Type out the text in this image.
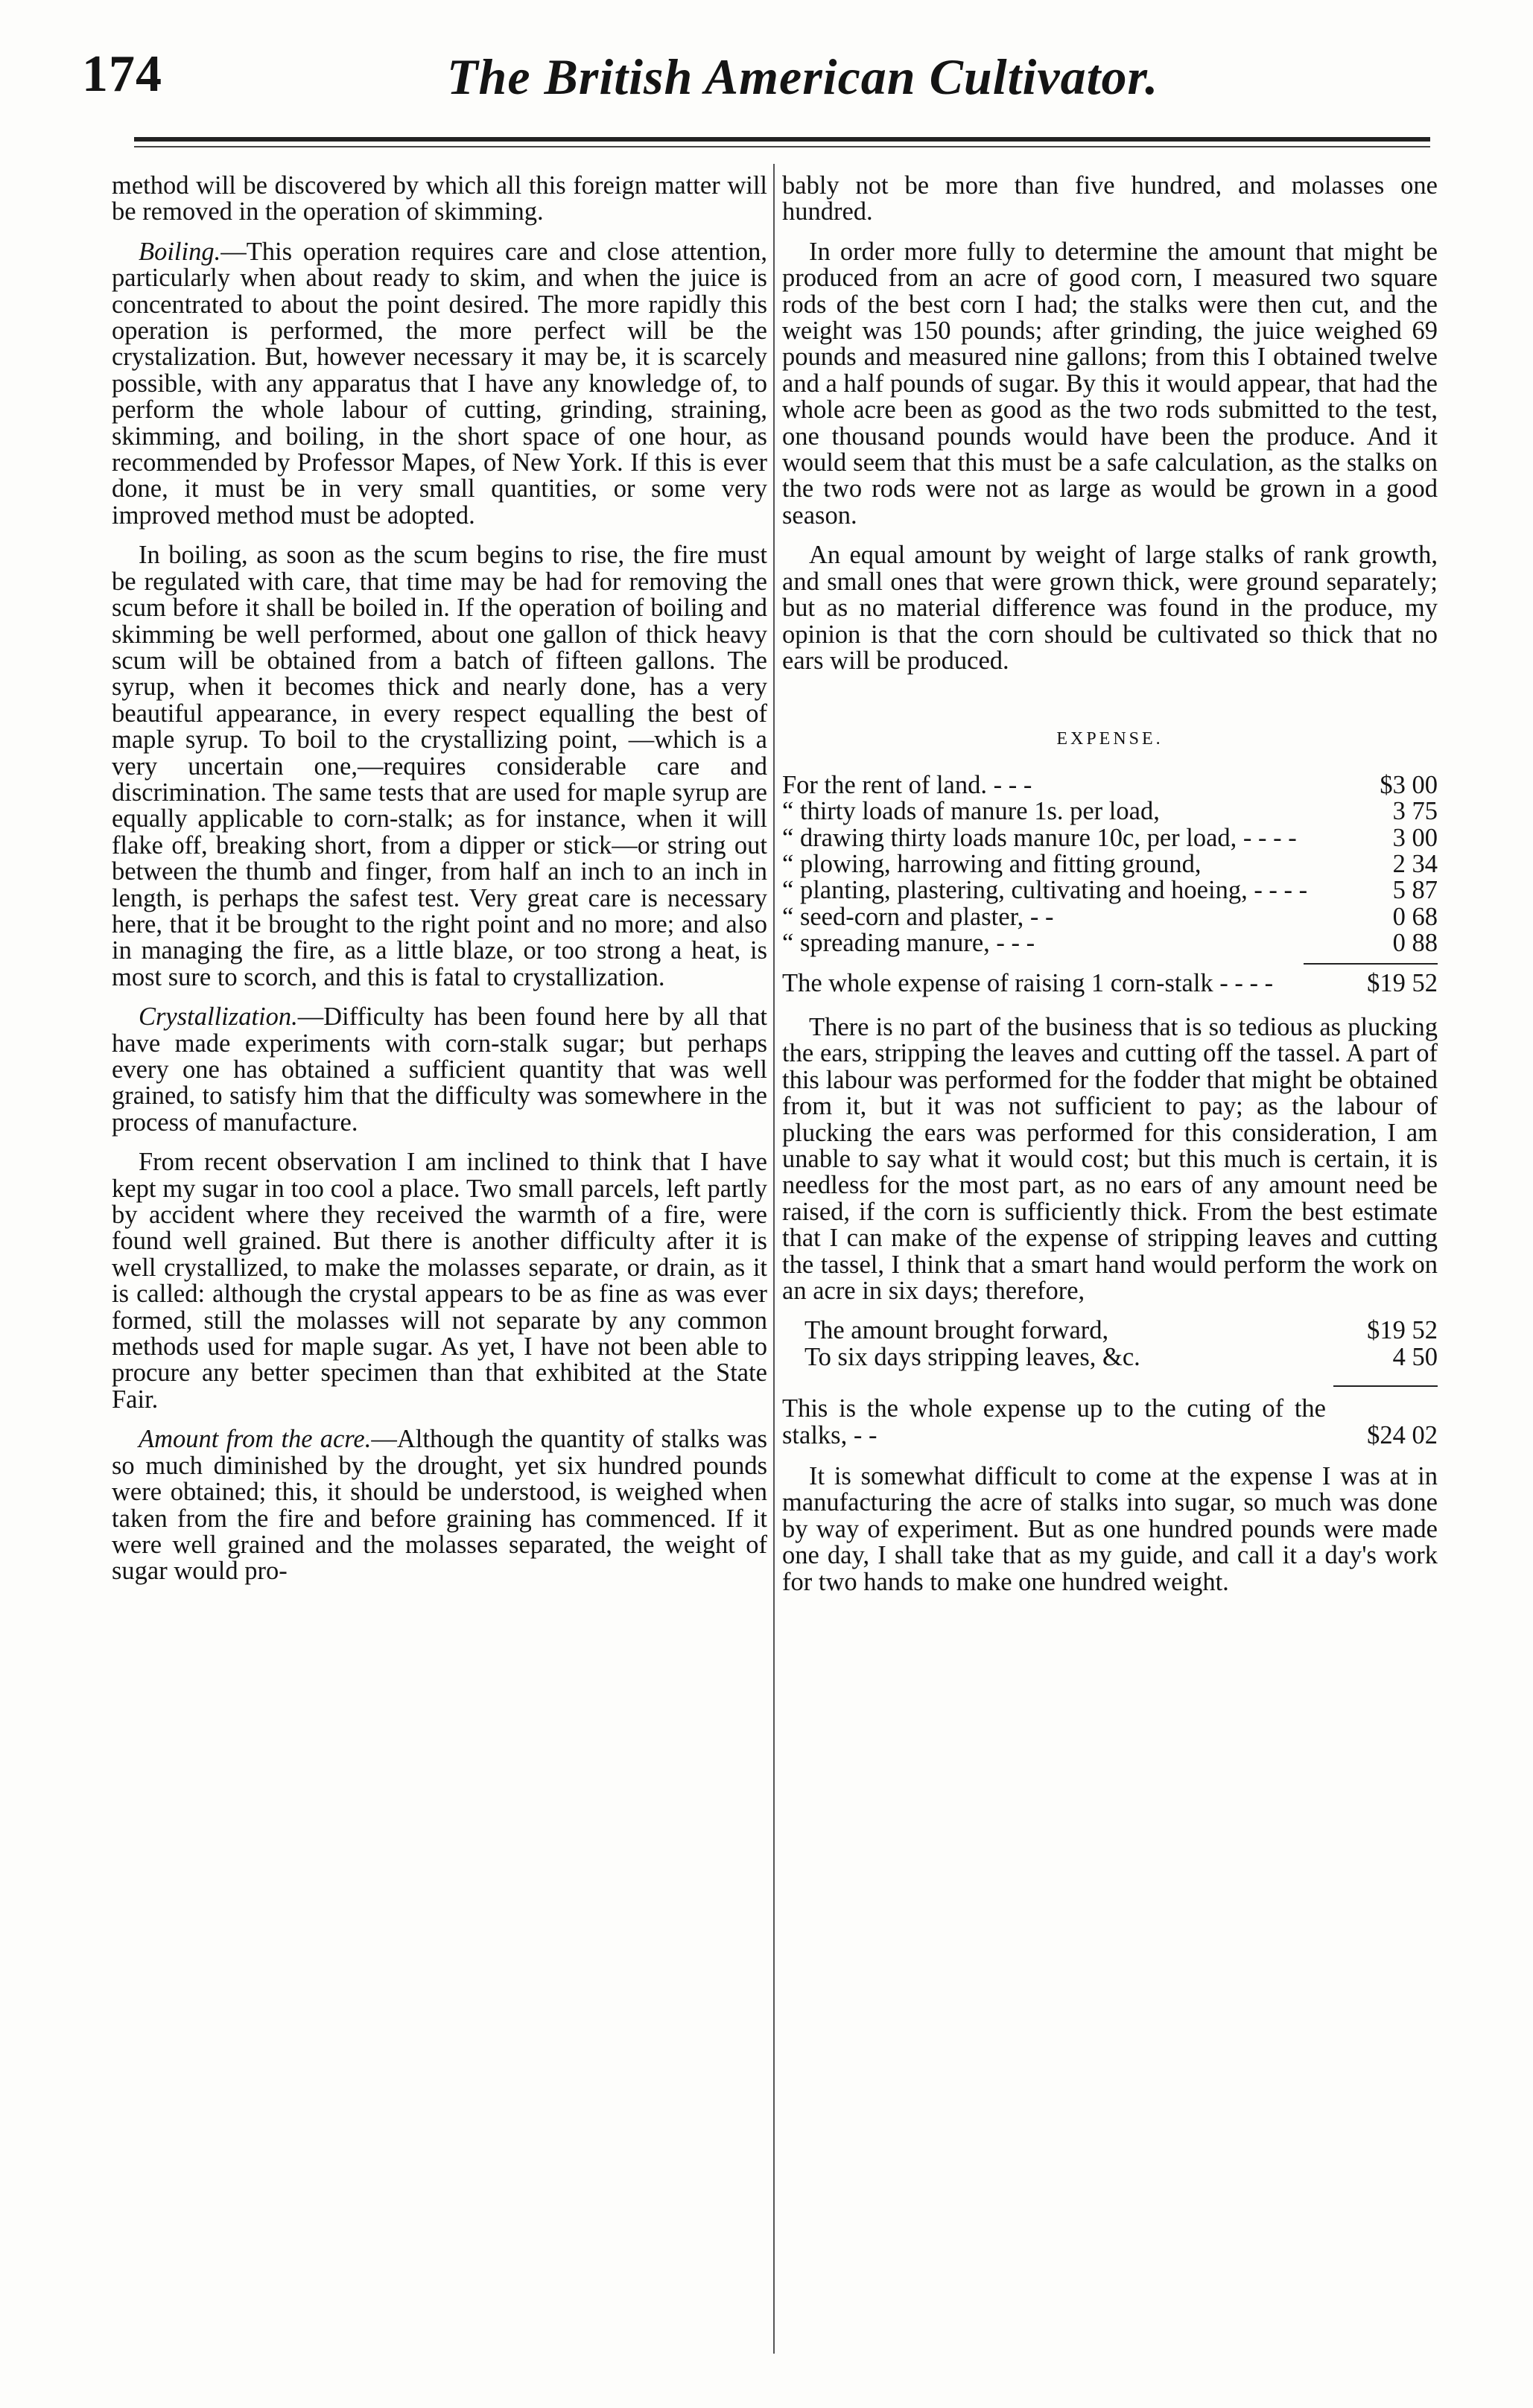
174	The British American Cultivator.

method will be discovered by which all this foreign matter will be removed in the operation of skimming.

Boiling.—This operation requires care and close attention, particularly when about ready to skim, and when the juice is concentrated to about the point desired. The more rapidly this operation is performed, the more perfect will be the crystalization. But, however necessary it may be, it is scarcely possible, with any apparatus that I have any knowledge of, to perform the whole labour of cutting, grinding, straining, skimming, and boiling, in the short space of one hour, as recommended by Professor Mapes, of New York. If this is ever done, it must be in very small quantities, or some very improved method must be adopted.

In boiling, as soon as the scum begins to rise, the fire must be regulated with care, that time may be had for removing the scum before it shall be boiled in. If the operation of boiling and skimming be well performed, about one gallon of thick heavy scum will be obtained from a batch of fifteen gallons. The syrup, when it becomes thick and nearly done, has a very beautiful appearance, in every respect equalling the best of maple syrup. To boil to the crystallizing point, —which is a very uncertain one,—requires considerable care and discrimination. The same tests that are used for maple syrup are equally applicable to corn-stalk; as for instance, when it will flake off, breaking short, from a dipper or stick—or string out between the thumb and finger, from half an inch to an inch in length, is perhaps the safest test. Very great care is necessary here, that it be brought to the right point and no more; and also in managing the fire, as a little blaze, or too strong a heat, is most sure to scorch, and this is fatal to crystallization.

Crystallization.—Difficulty has been found here by all that have made experiments with corn-stalk sugar; but perhaps every one has obtained a sufficient quantity that was well grained, to satisfy him that the difficulty was somewhere in the process of manufacture.

From recent observation I am inclined to think that I have kept my sugar in too cool a place. Two small parcels, left partly by accident where they received the warmth of a fire, were found well grained. But there is another difficulty after it is well crystallized, to make the molasses separate, or drain, as it is called: although the crystal appears to be as fine as was ever formed, still the molasses will not separate by any common methods used for maple sugar. As yet, I have not been able to procure any better specimen than that exhibited at the State Fair.

Amount from the acre.—Although the quantity of stalks was so much diminished by the drought, yet six hundred pounds were obtained; this, it should be understood, is weighed when taken from the fire and before graining has commenced. If it were well grained and the molasses separated, the weight of sugar would pro-

bably not be more than five hundred, and molasses one hundred.

In order more fully to determine the amount that might be produced from an acre of good corn, I measured two square rods of the best corn I had; the stalks were then cut, and the weight was 150 pounds; after grinding, the juice weighed 69 pounds and measured nine gallons; from this I obtained twelve and a half pounds of sugar. By this it would appear, that had the whole acre been as good as the two rods submitted to the test, one thousand pounds would have been the produce. And it would seem that this must be a safe calculation, as the stalks on the two rods were not as large as would be grown in a good season.

An equal amount by weight of large stalks of rank growth, and small ones that were grown thick, were ground separately; but as no material difference was found in the produce, my opinion is that the corn should be cultivated so thick that no ears will be produced.

EXPENSE.

For the rent of land. - - -	$3 00
“ thirty loads of manure 1s. per load,	3 75
“ drawing thirty loads manure 10c, per load, - - - -	3 00
“ plowing, harrowing and fitting ground,	2 34
“ planting, plastering, cultivating and hoeing, - - - -	5 87
“ seed-corn and plaster, - -	0 68
“ spreading manure, - - -	0 88
The whole expense of raising 1 corn-stalk - - - -	$19 52

There is no part of the business that is so tedious as plucking the ears, stripping the leaves and cutting off the tassel. A part of this labour was performed for the fodder that might be obtained from it, but it was not sufficient to pay; as the labour of plucking the ears was performed for this consideration, I am unable to say what it would cost; but this much is certain, it is needless for the most part, as no ears of any amount need be raised, if the corn is sufficiently thick. From the best estimate that I can make of the expense of stripping leaves and cutting the tassel, I think that a smart hand would perform the work on an acre in six days; therefore,

The amount brought forward,	$19 52
To six days stripping leaves, &c.	4 50
This is the whole expense up to the cuting of the stalks, - -	$24 02

It is somewhat difficult to come at the expense I was at in manufacturing the acre of stalks into sugar, so much was done by way of experiment. But as one hundred pounds were made one day, I shall take that as my guide, and call it a day's work for two hands to make one hundred weight.
